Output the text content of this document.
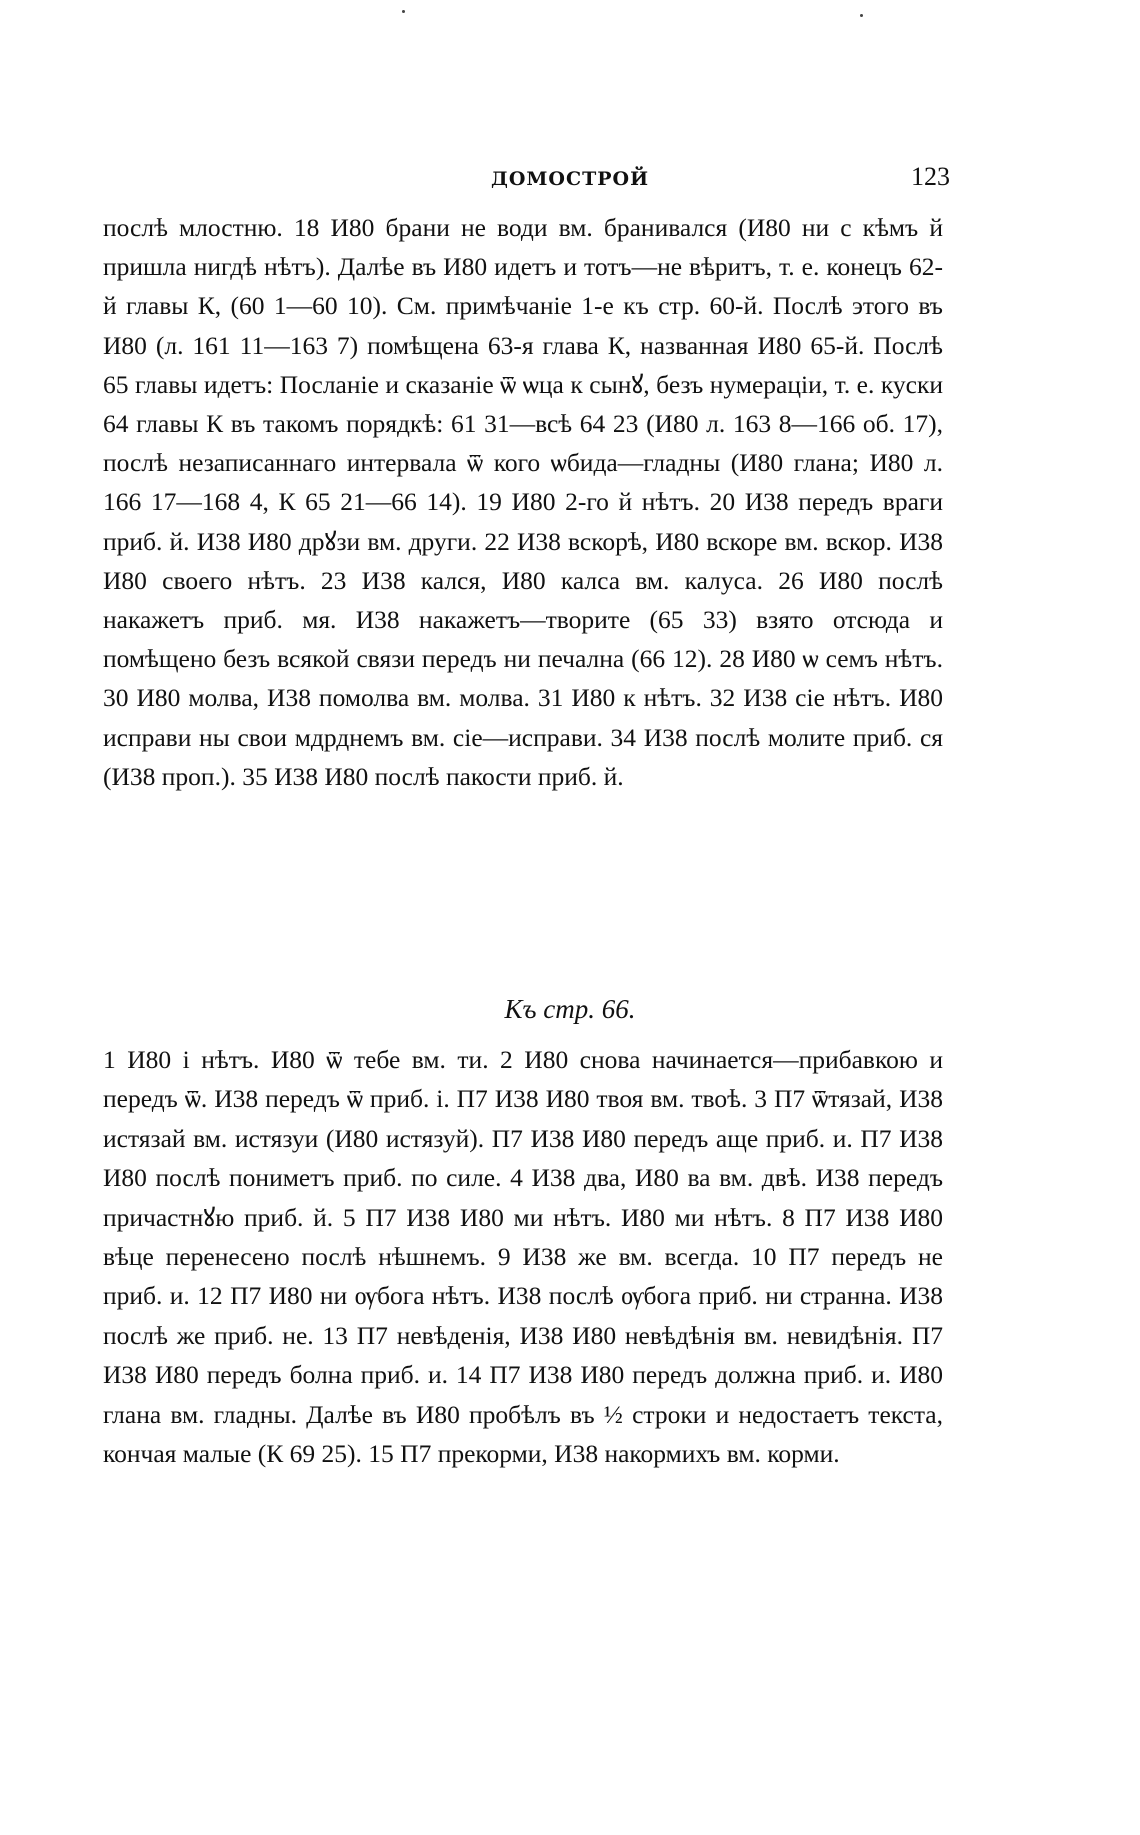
ДОМОСТРОЙ	123

послѣ млостню. 18 И80 брани не води вм. бранивался (И80 ни с кѣмъ й пришла нигдѣ нѣтъ). Далѣе въ И80 идетъ и тотъ—не вѣритъ, т. е. конецъ 62-й главы К, (60 1—60 10). См. примѣчаніе 1-е къ стр. 60-й. Послѣ этого въ И80 (л. 161 11—163 7) помѣщена 63-я глава К, названная И80 65-й. Послѣ 65 главы идетъ: Посланіе и сказаніе ѿ ѡца к сынꙋ, безъ нумераціи, т. е. куски 64 главы К въ такомъ порядкѣ: 61 31—всѣ 64 23 (И80 л. 163 8—166 об. 17), послѣ незаписаннаго интервала ѿ кого ѡбида—гладны (И80 глана; И80 л. 166 17—168 4, К 65 21—66 14). 19 И80 2-го й нѣтъ. 20 И38 передъ враги приб. й. И38 И80 дрꙋзи вм. други. 22 И38 вскорѣ, И80 вскоре вм. вскор. И38 И80 своего нѣтъ. 23 И38 кался, И80 калса вм. калуса. 26 И80 послѣ накажетъ приб. мя. И38 накажетъ—творите (65 33) взято отсюда и помѣщено безъ всякой связи передъ ни печална (66 12). 28 И80 ѡ семъ нѣтъ. 30 И80 молва, И38 помолва вм. молва. 31 И80 к нѣтъ. 32 И38 сіе нѣтъ. И80 исправи ны свои мдрднемъ вм. сіе—исправи. 34 И38 послѣ молите приб. ся (И38 проп.). 35 И38 И80 послѣ пакости приб. й.

Къ стр. 66.

1 И80 і нѣтъ. И80 ѿ тебе вм. ти. 2 И80 снова начинается—прибавкою и передъ ѿ. И38 передъ ѿ приб. і. П7 И38 И80 твоя вм. твоѣ. 3 П7 ѿтязай, И38 истязай вм. истязуи (И80 истязуй). П7 И38 И80 передъ аще приб. и. П7 И38 И80 послѣ пониметъ приб. по силе. 4 И38 два, И80 ва вм. двѣ. И38 передъ причастнꙋю приб. й. 5 П7 И38 И80 ми нѣтъ. И80 ми нѣтъ. 8 П7 И38 И80 вѣце перенесено послѣ нѣшнемъ. 9 И38 же вм. всегда. 10 П7 передъ не приб. и. 12 П7 И80 ни ѹбога нѣтъ. И38 послѣ ѹбога приб. ни странна. И38 послѣ же приб. не. 13 П7 невѣденія, И38 И80 невѣдѣнія вм. невидѣнія. П7 И38 И80 передъ болна приб. и. 14 П7 И38 И80 передъ должна приб. и. И80 глана вм. гладны. Далѣе въ И80 пробѣлъ въ ½ строки и недостаетъ текста, кончая малые (К 69 25). 15 П7 прекорми, И38 накормихъ вм. корми.
